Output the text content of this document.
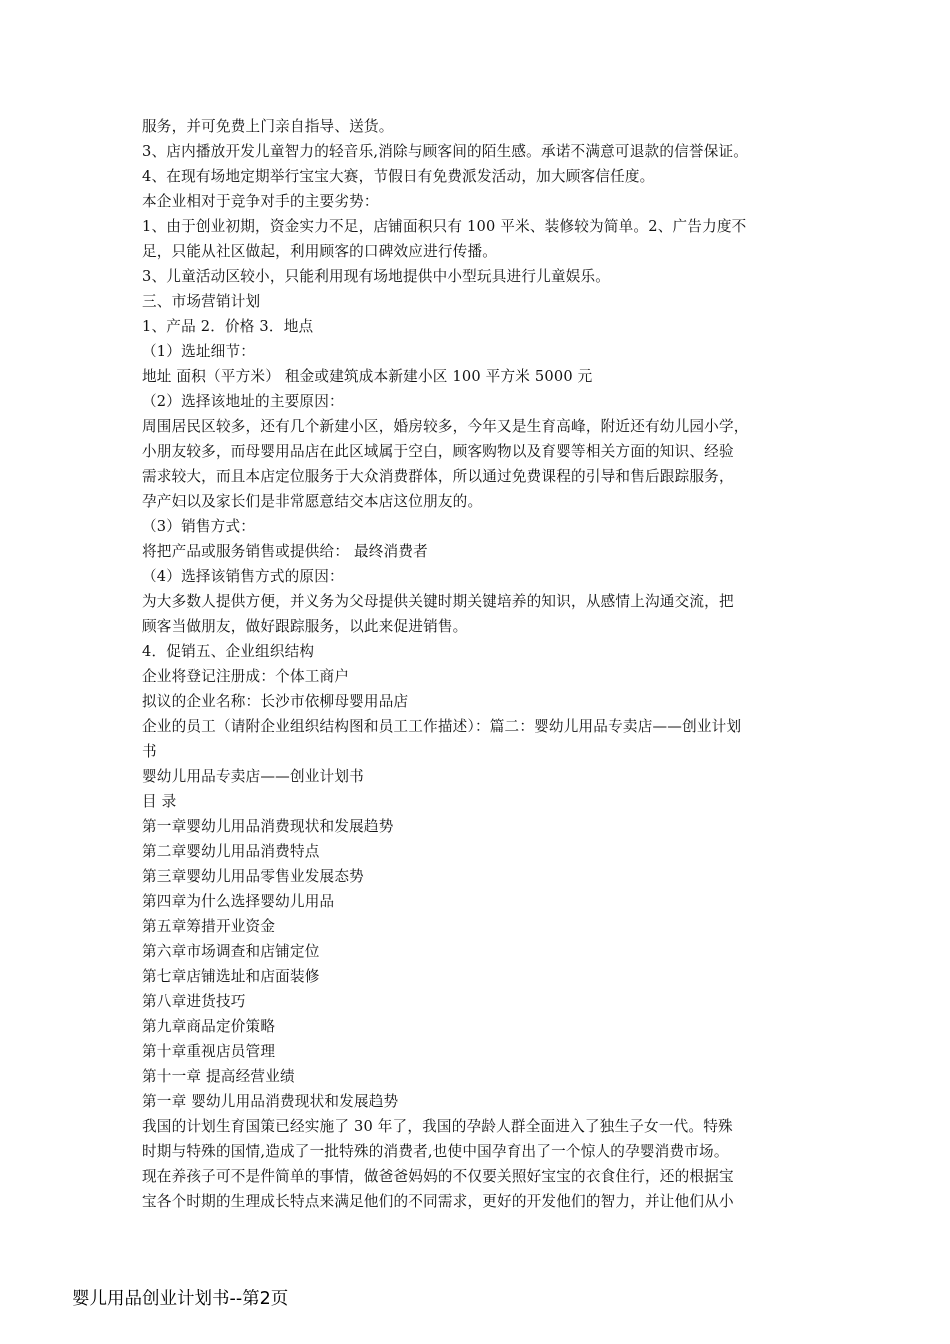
服务，并可免费上门亲自指导、送货。
3、店内播放开发儿童智力的轻音乐,消除与顾客间的陌生感。承诺不满意可退款的信誉保证。
4、在现有场地定期举行宝宝大赛，节假日有免费派发活动，加大顾客信任度。
本企业相对于竞争对手的主要劣势：
1、由于创业初期，资金实力不足，店铺面积只有 100 平米、装修较为简单。2、广告力度不
足，只能从社区做起，利用顾客的口碑效应进行传播。
3、儿童活动区较小，只能利用现有场地提供中小型玩具进行儿童娱乐。
三、市场营销计划
1、产品 2．价格 3．地点
（1）选址细节：
地址 面积（平方米） 租金或建筑成本新建小区 100 平方米 5000 元
（2）选择该地址的主要原因：
周围居民区较多，还有几个新建小区，婚房较多，今年又是生育高峰，附近还有幼儿园小学，
小朋友较多，而母婴用品店在此区域属于空白，顾客购物以及育婴等相关方面的知识、经验
需求较大，而且本店定位服务于大众消费群体，所以通过免费课程的引导和售后跟踪服务，
孕产妇以及家长们是非常愿意结交本店这位朋友的。
（3）销售方式：
将把产品或服务销售或提供给： 最终消费者
（4）选择该销售方式的原因：
为大多数人提供方便，并义务为父母提供关键时期关键培养的知识，从感情上沟通交流，把
顾客当做朋友，做好跟踪服务，以此来促进销售。
4．促销五、企业组织结构
企业将登记注册成：个体工商户
拟议的企业名称：长沙市依柳母婴用品店
企业的员工（请附企业组织结构图和员工工作描述）：篇二：婴幼儿用品专卖店——创业计划
书
婴幼儿用品专卖店——创业计划书
目 录
第一章婴幼儿用品消费现状和发展趋势
第二章婴幼儿用品消费特点
第三章婴幼儿用品零售业发展态势
第四章为什么选择婴幼儿用品
第五章筹措开业资金
第六章市场调查和店铺定位
第七章店铺选址和店面装修
第八章进货技巧
第九章商品定价策略
第十章重视店员管理
第十一章 提高经营业绩
第一章 婴幼儿用品消费现状和发展趋势
我国的计划生育国策已经实施了 30 年了，我国的孕龄人群全面进入了独生子女一代。特殊
时期与特殊的国情,造成了一批特殊的消费者,也使中国孕育出了一个惊人的孕婴消费市场。
现在养孩子可不是件简单的事情，做爸爸妈妈的不仅要关照好宝宝的衣食住行，还的根据宝
宝各个时期的生理成长特点来满足他们的不同需求，更好的开发他们的智力，并让他们从小
婴儿用品创业计划书--第2页
